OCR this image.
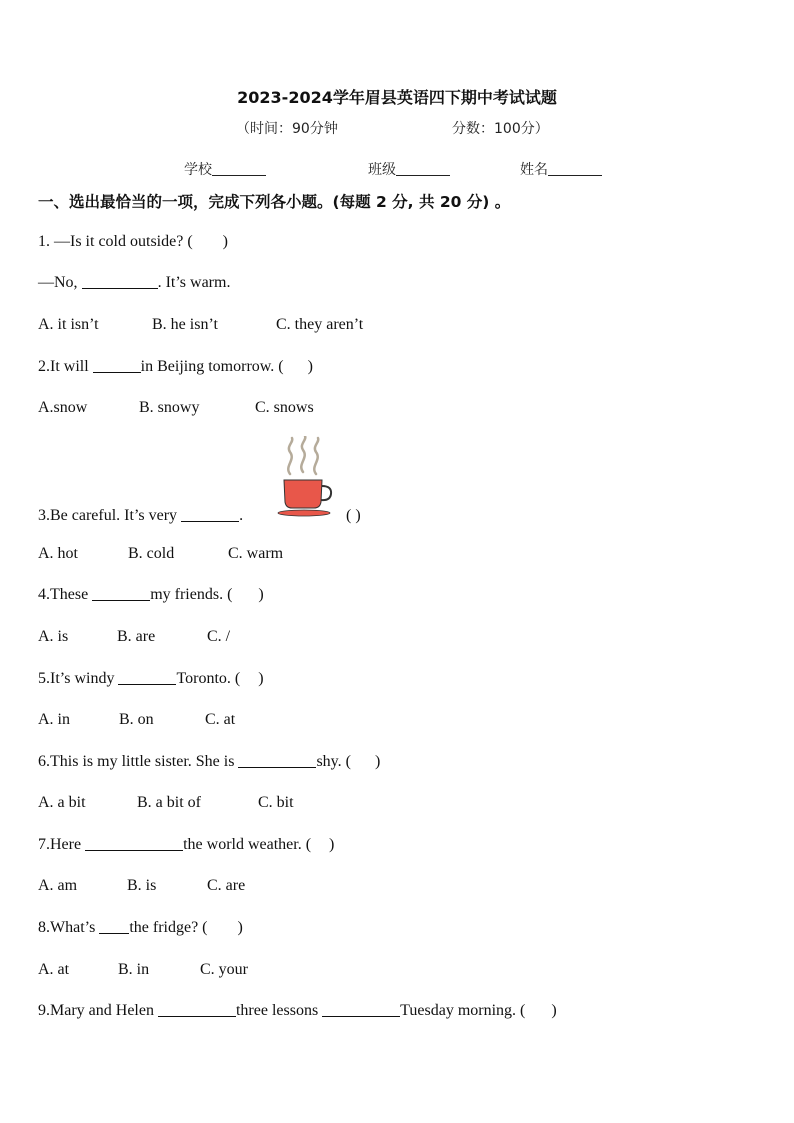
2023-2024学年眉县英语四下期中考试试题
（时间：90分钟	分数：100分）
学校	班级	姓名
一、选出最恰当的一项，完成下列各小题。(每题 2 分, 共 20 分) 。
1. —Is it cold outside? ( )
—No,	. It’s warm.
A. it isn’t	B. he isn’t	C. they aren’t
2.It will	in Beijing tomorrow. ( )
A.snow	B. snowy	C. snows
3.Be careful. It’s very	.	( )
A. hot	B. cold	C. warm
4.These	my friends. ( )
A. is	B. are	C. /
5.It’s windy	Toronto. ( )
A. in	B. on	C. at
6.This is my little sister. She is	shy. ( )
A. a bit	B. a bit of	C. bit
7.Here	the world weather. ( )
A. am	B. is	C. are
8.What’s the fridge? ( )
A. at	B. in	C. your
9.Mary and Helen	three lessons	Tuesday morning. ( )
